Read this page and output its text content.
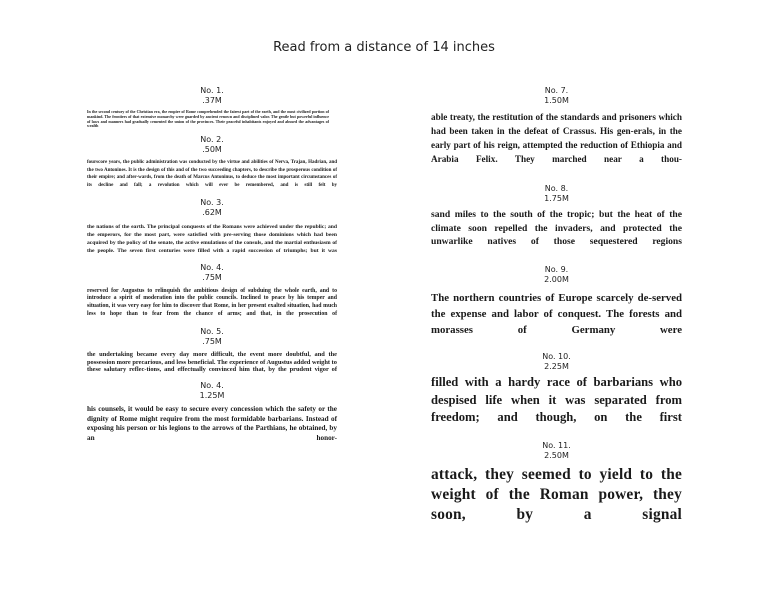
Read from a distance of 14 inches
No. 1.
.37M
In the second century of the Christian era, the empire of Rome comprehended the fairest part of the earth, and the most civilized portion of mankind. The frontiers of that extensive monarchy were guarded by ancient renown and disciplined valor. The gentle but powerful influence of laws and manners had gradually cemented the union of the provinces. Their peaceful inhabitants enjoyed and abused the advantages of wealth
No. 2.
.50M
fourscore years, the public administration was conducted by the virtue and abilities of Nerva, Trajan, Hadrian, and the two Antonines. It is the design of this and of the two succeeding chapters, to describe the prosperous condition of their empire; and after-wards, from the death of Marcus Antoninus, to deduce the most important circumstances of its decline and fall; a revolution which will ever be remembered, and is still felt by
No. 3.
.62M
the nations of the earth. The principal conquests of the Romans were achieved under the republic; and the emperors, for the most part, were satisfied with pre-serving those dominions which had been acquired by the policy of the senate, the active emulations of the consuls, and the martial enthusiasm of the people. The seven first centuries were filled with a rapid succession of triumphs; but it was
No. 4.
.75M
reserved for Augustus to relinquish the ambitious design of subduing the whole earth, and to introduce a spirit of moderation into the public councils. Inclined to peace by his temper and situation, it was very easy for him to discover that Rome, in her present exalted situation, had much less to hope than to fear from the chance of arms; and that, in the prosecution of
No. 5.
.75M
the undertaking became every day more difficult, the event more doubtful, and the possession more precarious, and less beneficial. The experience of Augustus added weight to these salutary reflec-tions, and effectually convinced him that, by the prudent vigor of
No. 4.
1.25M
his counsels, it would be easy to secure every concession which the safety or the dignity of Rome might require from the most formidable barbarians. Instead of exposing his person or his legions to the arrows of the Parthians, he obtained, by an honor-
No. 7.
1.50M
able treaty, the restitution of the standards and prisoners which had been taken in the defeat of Crassus. His gen-erals, in the early part of his reign, attempted the reduction of Ethiopia and Arabia Felix. They marched near a thou-
No. 8.
1.75M
sand miles to the south of the tropic; but the heat of the climate soon repelled the invaders, and protected the unwarlike natives of those sequestered regions
No. 9.
2.00M
The northern countries of Europe scarcely de-served the expense and labor of conquest. The forests and morasses of Germany were
No. 10.
2.25M
filled with a hardy race of barbarians who despised life when it was separated from freedom; and though, on the first
No. 11.
2.50M
attack, they seemed to yield to the weight of the Roman power, they soon, by a signal
